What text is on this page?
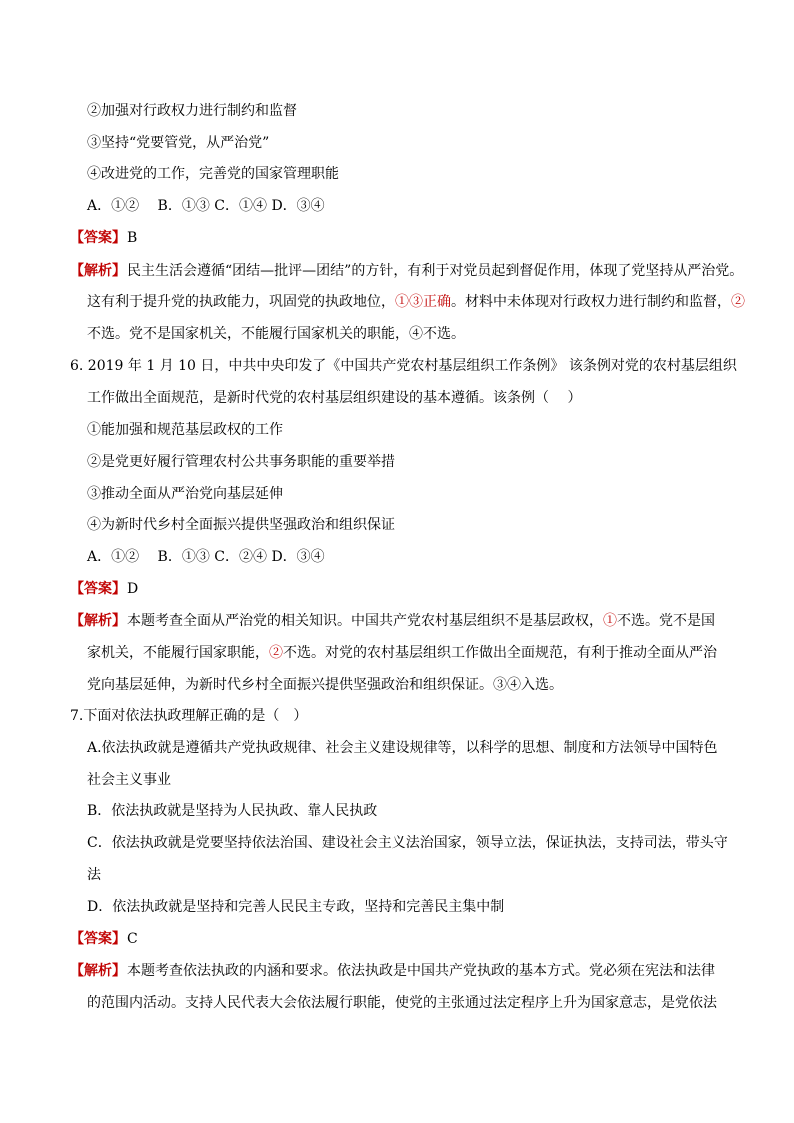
②加强对行政权力进行制约和监督
③坚持“党要管党，从严治党”
④改进党的工作，完善党的国家管理职能
A．①②　 B．①③ C．①④ D．③④
【答案】B
【解析】民主生活会遵循“团结—批评—团结”的方针，有利于对党员起到督促作用，体现了党坚持从严治党。
这有利于提升党的执政能力，巩固党的执政地位，①③正确。材料中未体现对行政权力进行制约和监督，②
不选。党不是国家机关，不能履行国家机关的职能，④不选。
6. 2019 年 1 月 10 日，中共中央印发了《中国共产党农村基层组织工作条例》 该条例对党的农村基层组织
工作做出全面规范，是新时代党的农村基层组织建设的基本遵循。该条例（　 ）
①能加强和规范基层政权的工作
②是党更好履行管理农村公共事务职能的重要举措
③推动全面从严治党向基层延伸
④为新时代乡村全面振兴提供坚强政治和组织保证
A．①②　 B．①③ C．②④ D．③④
【答案】D
【解析】本题考查全面从严治党的相关知识。中国共产党农村基层组织不是基层政权，①不选。党不是国
家机关，不能履行国家职能，②不选。对党的农村基层组织工作做出全面规范，有利于推动全面从严治
党向基层延伸，为新时代乡村全面振兴提供坚强政治和组织保证。③④入选。
7.下面对依法执政理解正确的是（　）
A.依法执政就是遵循共产党执政规律、社会主义建设规律等，以科学的思想、制度和方法领导中国特色
社会主义事业
B．依法执政就是坚持为人民执政、靠人民执政
C．依法执政就是党要坚持依法治国、建设社会主义法治国家，领导立法，保证执法，支持司法，带头守
法
D．依法执政就是坚持和完善人民民主专政，坚持和完善民主集中制
【答案】C
【解析】本题考查依法执政的内涵和要求。依法执政是中国共产党执政的基本方式。党必须在宪法和法律
的范围内活动。支持人民代表大会依法履行职能，使党的主张通过法定程序上升为国家意志，是党依法
